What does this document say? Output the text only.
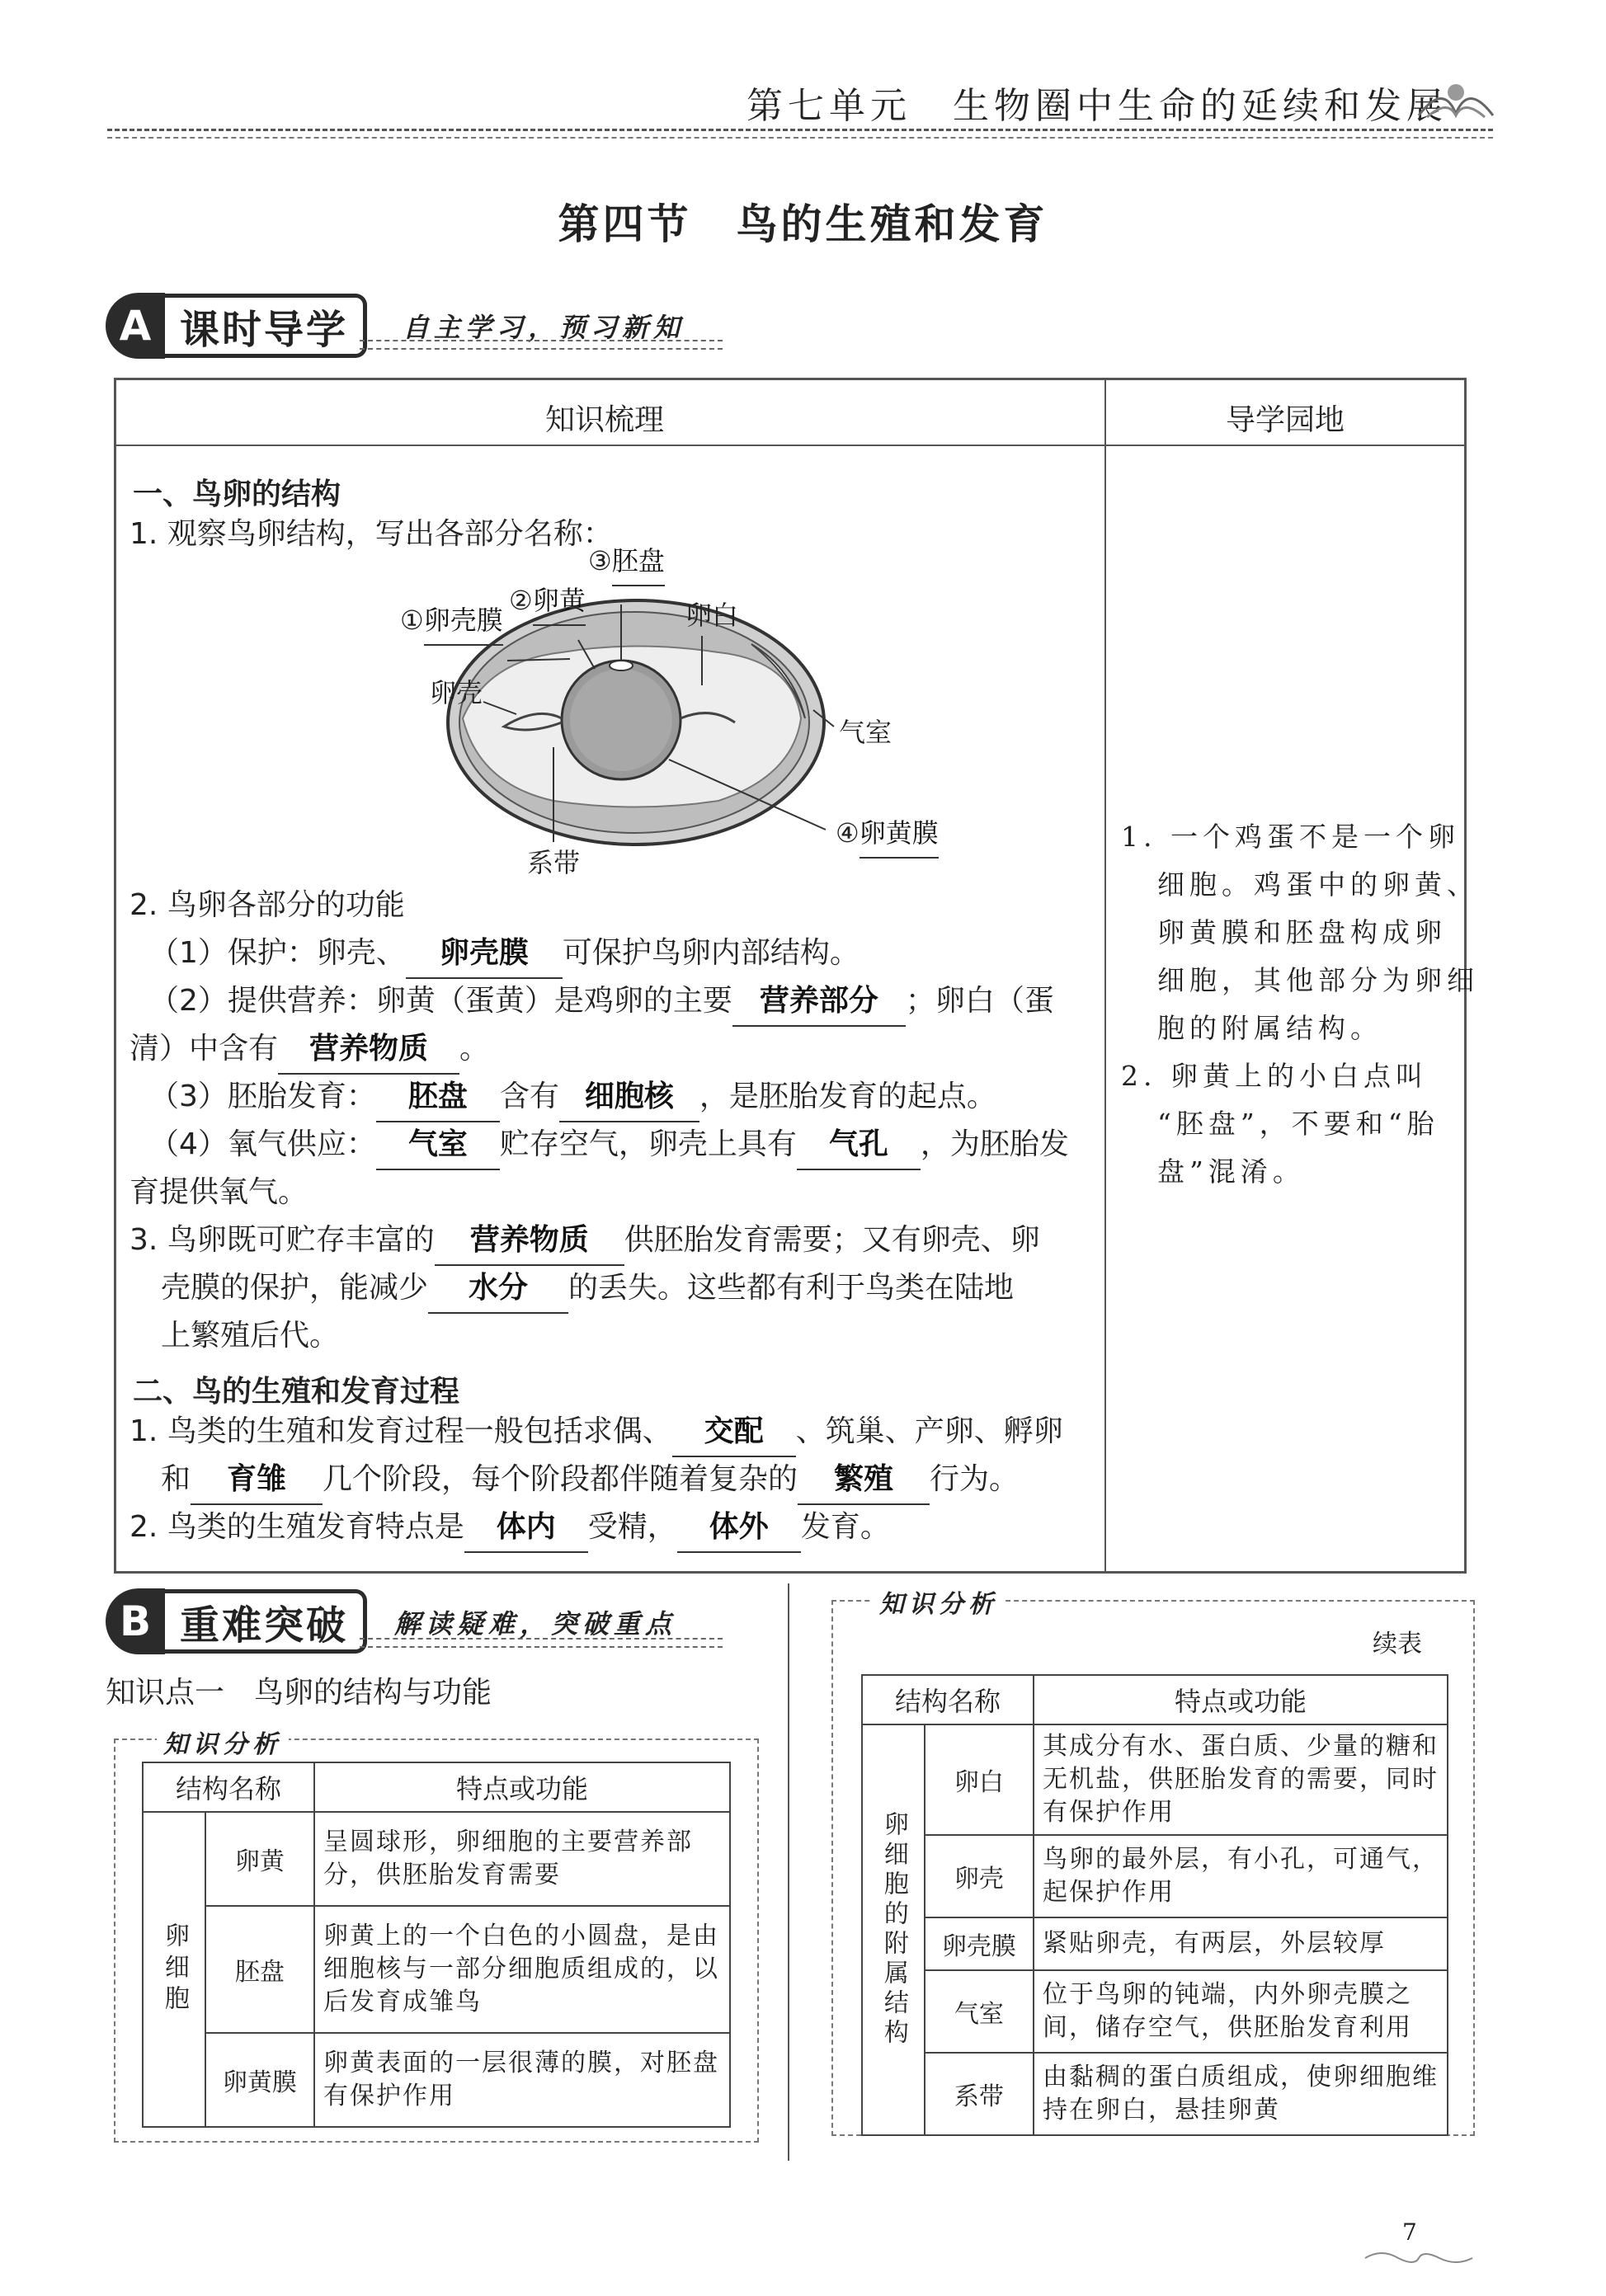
第七单元　生物圈中生命的延续和发展
第四节　鸟的生殖和发育
A 课时导学	自主学习，预习新知
知识梳理	导学园地
一、鸟卵的结构
1. 观察鸟卵结构，写出各部分名称：
①卵壳膜
②卵黄
③胚盘
④卵黄膜
卵壳
卵白
气室
系带
2. 鸟卵各部分的功能
（1）保护：卵壳、 卵壳膜 可保护鸟卵内部结构。
（2）提供营养：卵黄（蛋黄）是鸡卵的主要 营养部分 ；卵白（蛋
清）中含有 营养物质 。
（3）胚胎发育： 胚盘 含有 细胞核 ，是胚胎发育的起点。
（4）氧气供应： 气室 贮存空气，卵壳上具有 气孔 ，为胚胎发
育提供氧气。
3. 鸟卵既可贮存丰富的 营养物质 供胚胎发育需要；又有卵壳、卵
壳膜的保护，能减少 水分 的丢失。这些都有利于鸟类在陆地
上繁殖后代。
二、鸟的生殖和发育过程
1. 鸟类的生殖和发育过程一般包括求偶、 交配 、筑巢、产卵、孵卵
和 育雏 几个阶段，每个阶段都伴随着复杂的 繁殖 行为。
2. 鸟类的生殖发育特点是 体内 受精， 体外 发育。
1. 一个鸡蛋不是一个卵
细胞。鸡蛋中的卵黄、
卵黄膜和胚盘构成卵
细胞，其他部分为卵细
胞的附属结构。
2. 卵黄上的小白点叫
“胚盘”，不要和“胎
盘”混淆。
B 重难突破	解读疑难，突破重点
知识点一　鸟卵的结构与功能
知识分析
结构名称		特点或功能
卵细胞	卵黄	呈圆球形，卵细胞的主要营养部分，供胚胎发育需要
	胚盘	卵黄上的一个白色的小圆盘，是由细胞核与一部分细胞质组成的，以后发育成雏鸟
	卵黄膜	卵黄表面的一层很薄的膜，对胚盘有保护作用
知识分析
续表
结构名称		特点或功能
卵细胞的附属结构	卵白	其成分有水、蛋白质、少量的糖和无机盐，供胚胎发育的需要，同时有保护作用
	卵壳	鸟卵的最外层，有小孔，可通气，起保护作用
	卵壳膜	紧贴卵壳，有两层，外层较厚
	气室	位于鸟卵的钝端，内外卵壳膜之间，储存空气，供胚胎发育利用
	系带	由黏稠的蛋白质组成，使卵细胞维持在卵白，悬挂卵黄
7
